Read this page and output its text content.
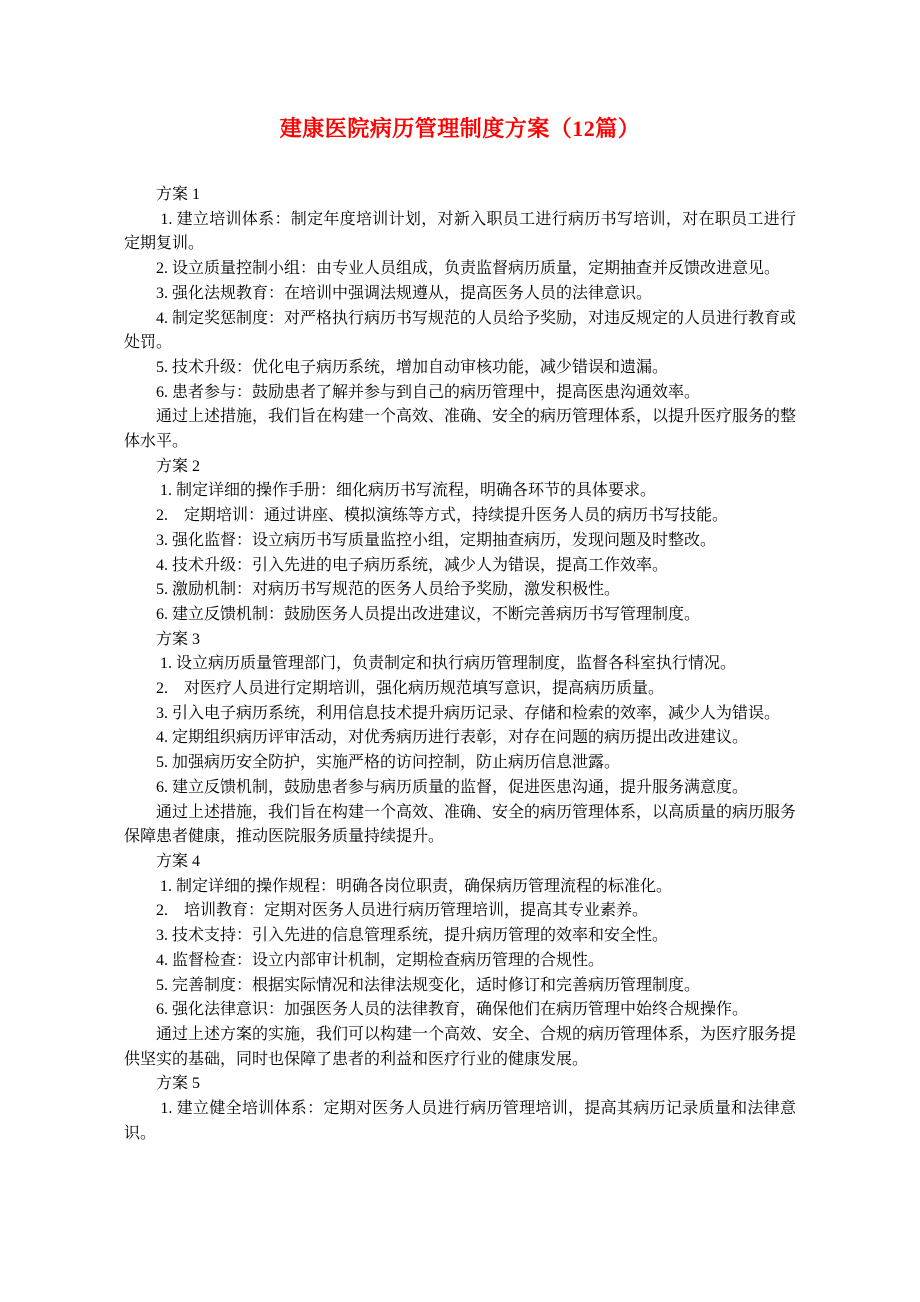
建康医院病历管理制度方案（12篇）

方案 1

1. 建立培训体系：制定年度培训计划，对新入职员工进行病历书写培训，对在职员工进行定期复训。

2. 设立质量控制小组：由专业人员组成，负责监督病历质量，定期抽查并反馈改进意见。

3. 强化法规教育：在培训中强调法规遵从，提高医务人员的法律意识。

4. 制定奖惩制度：对严格执行病历书写规范的人员给予奖励，对违反规定的人员进行教育或处罚。

5. 技术升级：优化电子病历系统，增加自动审核功能，减少错误和遗漏。

6. 患者参与：鼓励患者了解并参与到自己的病历管理中，提高医患沟通效率。

通过上述措施，我们旨在构建一个高效、准确、安全的病历管理体系，以提升医疗服务的整体水平。

方案 2

1. 制定详细的操作手册：细化病历书写流程，明确各环节的具体要求。

2.　定期培训：通过讲座、模拟演练等方式，持续提升医务人员的病历书写技能。

3. 强化监督：设立病历书写质量监控小组，定期抽查病历，发现问题及时整改。

4. 技术升级：引入先进的电子病历系统，减少人为错误，提高工作效率。

5. 激励机制：对病历书写规范的医务人员给予奖励，激发积极性。

6. 建立反馈机制：鼓励医务人员提出改进建议，不断完善病历书写管理制度。

方案 3

1. 设立病历质量管理部门，负责制定和执行病历管理制度，监督各科室执行情况。

2.　对医疗人员进行定期培训，强化病历规范填写意识，提高病历质量。

3. 引入电子病历系统，利用信息技术提升病历记录、存储和检索的效率，减少人为错误。

4. 定期组织病历评审活动，对优秀病历进行表彰，对存在问题的病历提出改进建议。

5. 加强病历安全防护，实施严格的访问控制，防止病历信息泄露。

6. 建立反馈机制，鼓励患者参与病历质量的监督，促进医患沟通，提升服务满意度。

通过上述措施，我们旨在构建一个高效、准确、安全的病历管理体系，以高质量的病历服务保障患者健康，推动医院服务质量持续提升。

方案 4

1. 制定详细的操作规程：明确各岗位职责，确保病历管理流程的标准化。

2.　培训教育：定期对医务人员进行病历管理培训，提高其专业素养。

3. 技术支持：引入先进的信息管理系统，提升病历管理的效率和安全性。

4. 监督检查：设立内部审计机制，定期检查病历管理的合规性。

5. 完善制度：根据实际情况和法律法规变化，适时修订和完善病历管理制度。

6. 强化法律意识：加强医务人员的法律教育，确保他们在病历管理中始终合规操作。

通过上述方案的实施，我们可以构建一个高效、安全、合规的病历管理体系，为医疗服务提供坚实的基础，同时也保障了患者的利益和医疗行业的健康发展。

方案 5

1. 建立健全培训体系：定期对医务人员进行病历管理培训，提高其病历记录质量和法律意识。
